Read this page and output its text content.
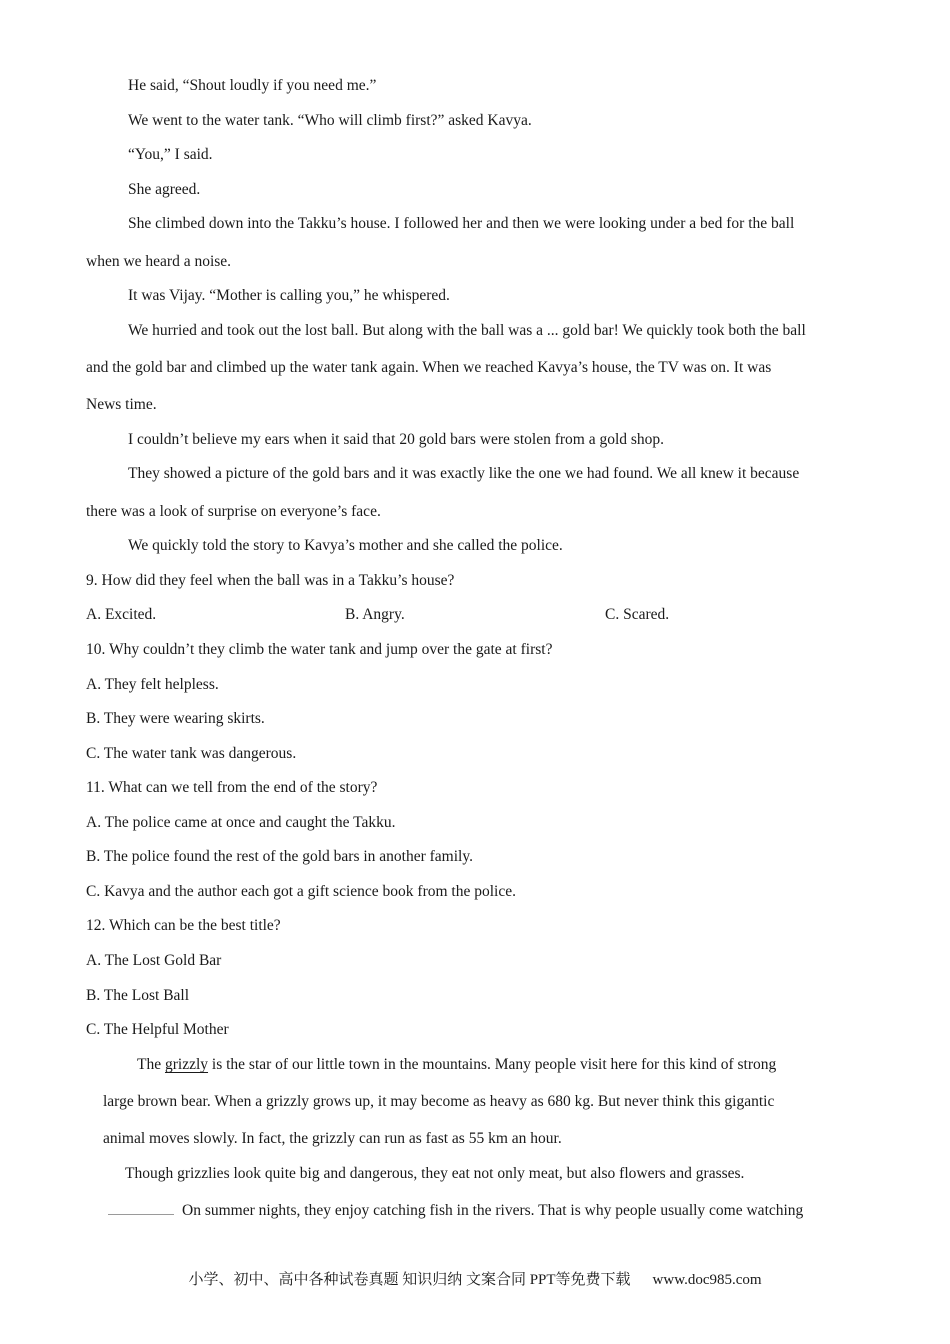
He said, “Shout loudly if you need me.”
We went to the water tank. “Who will climb first?” asked Kavya.
“You,” I said.
She agreed.
She climbed down into the Takku’s house. I followed her and then we were looking under a bed for the ball
when we heard a noise.
It was Vijay. “Mother is calling you,” he whispered.
We hurried and took out the lost ball. But along with the ball was a ... gold bar! We quickly took both the ball
and the gold bar and climbed up the water tank again. When we reached Kavya’s house, the TV was on. It was
News time.
I couldn’t believe my ears when it said that 20 gold bars were stolen from a gold shop.
They showed a picture of the gold bars and it was exactly like the one we had found. We all knew it because
there was a look of surprise on everyone’s face.
We quickly told the story to Kavya’s mother and she called the police.
9. How did they feel when the ball was in a Takku’s house?
A. Excited.	B. Angry.	C. Scared.
10. Why couldn’t they climb the water tank and jump over the gate at first?
A. They felt helpless.
B. They were wearing skirts.
C. The water tank was dangerous.
11. What can we tell from the end of the story?
A. The police came at once and caught the Takku.
B. The police found the rest of the gold bars in another family.
C. Kavya and the author each got a gift science book from the police.
12. Which can be the best title?
A. The Lost Gold Bar
B. The Lost Ball
C. The Helpful Mother
The grizzly is the star of our little town in the mountains. Many people visit here for this kind of strong
large brown bear. When a grizzly grows up, it may become as heavy as 680 kg. But never think this gigantic
animal moves slowly. In fact, the grizzly can run as fast as 55 km an hour.
Though grizzlies look quite big and dangerous, they eat not only meat, but also flowers and grasses.
On summer nights, they enjoy catching fish in the rivers. That is why people usually come watching
小学、初中、高中各种试卷真题 知识归纳 文案合同 PPT等免费下载 www.doc985.com
